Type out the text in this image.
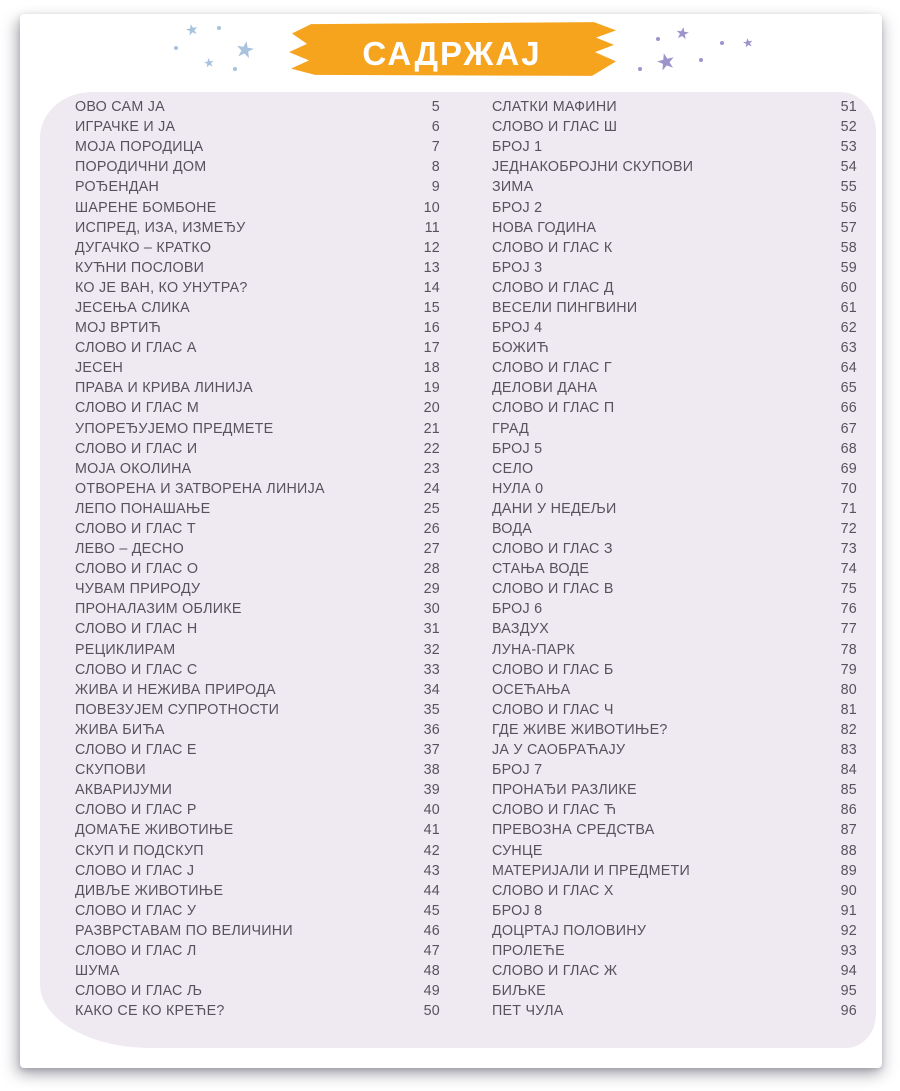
САДРЖАЈ
ОВО САМ ЈА	5
ИГРАЧКЕ И ЈА	6
МОЈА ПОРОДИЦА	7
ПОРОДИЧНИ ДОМ	8
РОЂЕНДАН	9
ШАРЕНЕ БОМБОНЕ	10
ИСПРЕД, ИЗА, ИЗМЕЂУ	11
ДУГАЧКО – КРАТКО	12
КУЋНИ ПОСЛОВИ	13
КО ЈЕ ВАН, КО УНУТРА?	14
ЈЕСЕЊА СЛИКА	15
МОЈ ВРТИЋ	16
СЛОВО И ГЛАС А	17
ЈЕСЕН	18
ПРАВА И КРИВА ЛИНИЈА	19
СЛОВО И ГЛАС М	20
УПОРЕЂУЈЕМО ПРЕДМЕТЕ	21
СЛОВО И ГЛАС И	22
МОЈА ОКОЛИНА	23
ОТВОРЕНА И ЗАТВОРЕНА ЛИНИЈА	24
ЛЕПО ПОНАШАЊЕ	25
СЛОВО И ГЛАС Т	26
ЛЕВО – ДЕСНО	27
СЛОВО И ГЛАС О	28
ЧУВАМ ПРИРОДУ	29
ПРОНАЛАЗИМ ОБЛИКЕ	30
СЛОВО И ГЛАС Н	31
РЕЦИКЛИРАМ	32
СЛОВО И ГЛАС С	33
ЖИВА И НЕЖИВА ПРИРОДА	34
ПОВЕЗУЈЕМ СУПРОТНОСТИ	35
ЖИВА БИЋА	36
СЛОВО И ГЛАС Е	37
СКУПОВИ	38
АКВАРИЈУМИ	39
СЛОВО И ГЛАС Р	40
ДОМАЋЕ ЖИВОТИЊЕ	41
СКУП И ПОДСКУП	42
СЛОВО И ГЛАС Ј	43
ДИВЉЕ ЖИВОТИЊЕ	44
СЛОВО И ГЛАС У	45
РАЗВРСТАВАМ ПО ВЕЛИЧИНИ	46
СЛОВО И ГЛАС Л	47
ШУМА	48
СЛОВО И ГЛАС Љ	49
КАКО СЕ КО КРЕЋЕ?	50
СЛАТКИ МАФИНИ	51
СЛОВО И ГЛАС Ш	52
БРОЈ 1	53
ЈЕДНАКОБРОЈНИ СКУПОВИ	54
ЗИМА	55
БРОЈ 2	56
НОВА ГОДИНА	57
СЛОВО И ГЛАС К	58
БРОЈ 3	59
СЛОВО И ГЛАС Д	60
ВЕСЕЛИ ПИНГВИНИ	61
БРОЈ 4	62
БОЖИЋ	63
СЛОВО И ГЛАС Г	64
ДЕЛОВИ ДАНА	65
СЛОВО И ГЛАС П	66
ГРАД	67
БРОЈ 5	68
СЕЛО	69
НУЛА 0	70
ДАНИ У НЕДЕЉИ	71
ВОДА	72
СЛОВО И ГЛАС З	73
СТАЊА ВОДЕ	74
СЛОВО И ГЛАС В	75
БРОЈ 6	76
ВАЗДУХ	77
ЛУНА-ПАРК	78
СЛОВО И ГЛАС Б	79
ОСЕЋАЊА	80
СЛОВО И ГЛАС Ч	81
ГДЕ ЖИВЕ ЖИВОТИЊЕ?	82
ЈА У САОБРАЋАЈУ	83
БРОЈ 7	84
ПРОНАЂИ РАЗЛИКЕ	85
СЛОВО И ГЛАС Ћ	86
ПРЕВОЗНА СРЕДСТВА	87
СУНЦЕ	88
МАТЕРИЈАЛИ И ПРЕДМЕТИ	89
СЛОВО И ГЛАС Х	90
БРОЈ 8	91
ДОЦРТАЈ ПОЛОВИНУ	92
ПРОЛЕЋЕ	93
СЛОВО И ГЛАС Ж	94
БИЉКЕ	95
ПЕТ ЧУЛА	96
